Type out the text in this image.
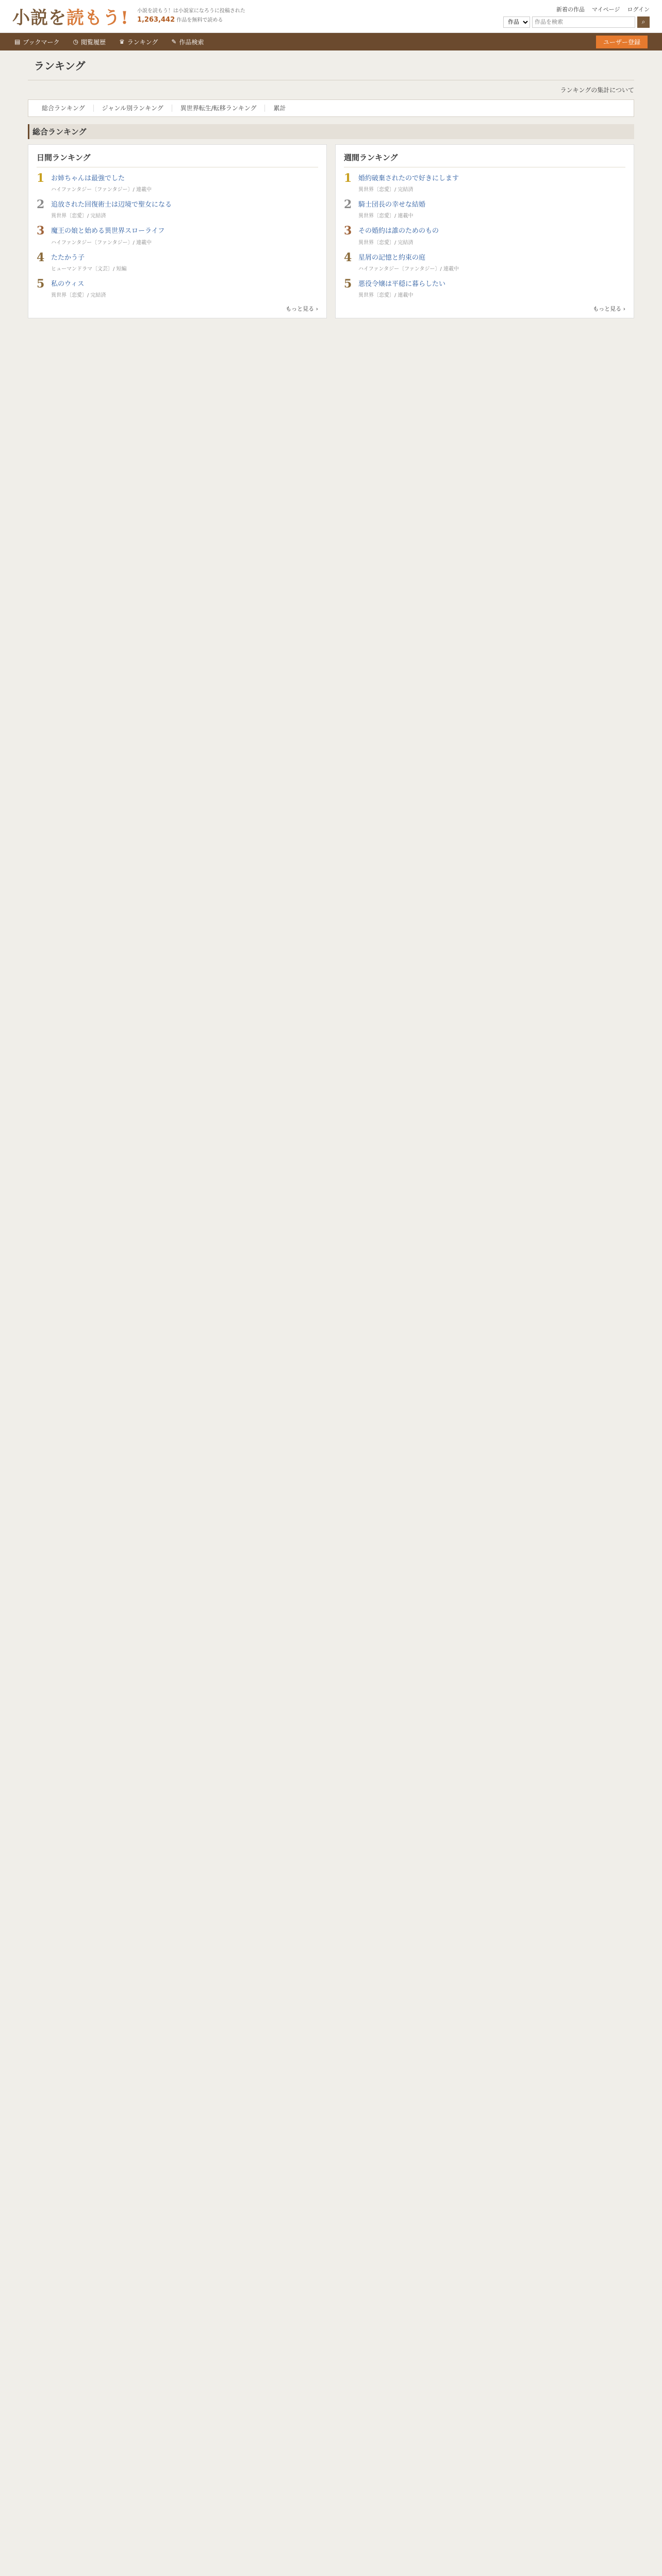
小説を読もう! 小説を読もう！は小説家になろうに投稿された
1,263,442 作品を無料で読める
新着の作品 マイページ ログイン
作品
作品を検索
⌕
▤ ブックマーク ◷ 閲覧履歴 ♛ ランキング ✎ 作品検索	ユーザー登録
ランキング
ランキングの集計について
総合ランキング	ジャンル別ランキング	異世界転生/転移ランキング	累計
総合ランキング
日間ランキング
1 お姉ちゃんは最強でした
ハイファンタジー〔ファンタジー〕/ 連載中
2 追放された回復術士は辺境で聖女になる
異世界〔恋愛〕/ 完結済
3 魔王の娘と始める異世界スローライフ
ハイファンタジー〔ファンタジー〕/ 連載中
4 たたかう子
ヒューマンドラマ〔文芸〕/ 短編
5 私のウィス
異世界〔恋愛〕/ 完結済
もっと見る ›
週間ランキング
1 婚約破棄されたので好きにします
異世界〔恋愛〕/ 完結済
2 騎士団長の幸せな結婚
異世界〔恋愛〕/ 連載中
3 その婚約は誰のためのもの
異世界〔恋愛〕/ 完結済
4 星屑の記憶と約束の庭
ハイファンタジー〔ファンタジー〕/ 連載中
5 悪役令嬢は平穏に暮らしたい
異世界〔恋愛〕/ 連載中
もっと見る ›
